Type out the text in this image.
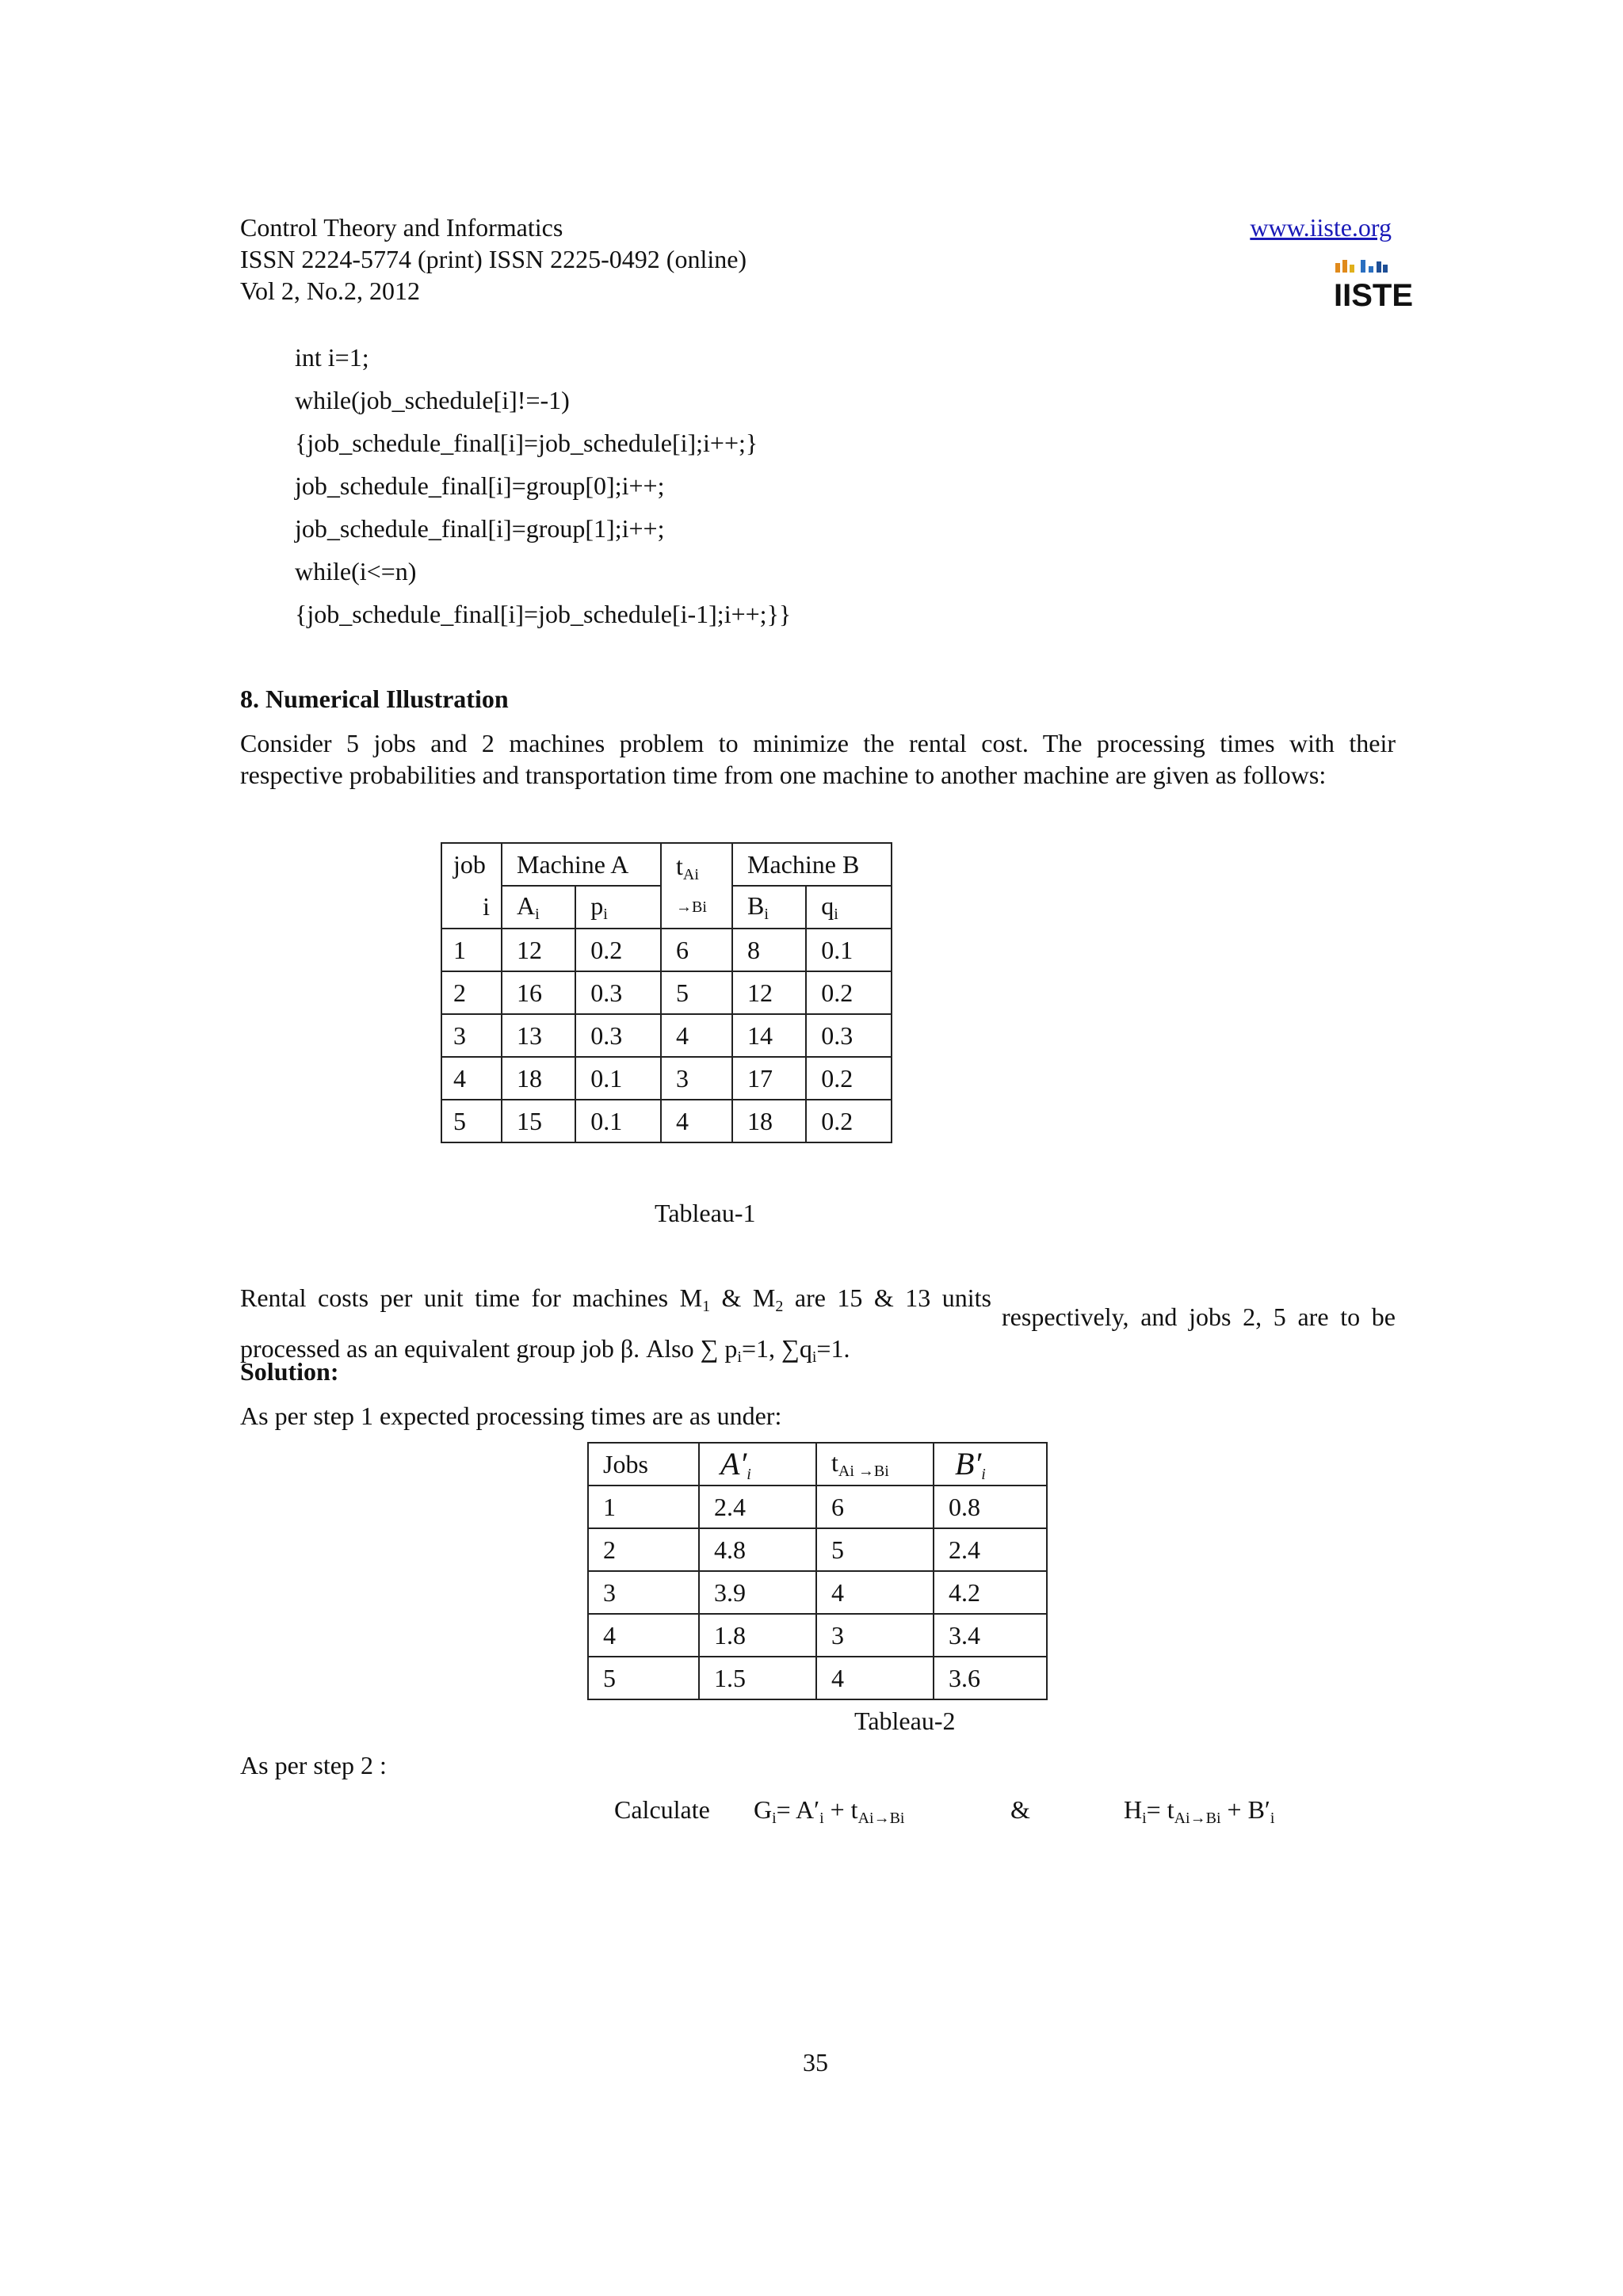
Control Theory and Informatics
ISSN 2224-5774 (print) ISSN 2225-0492 (online)
Vol 2, No.2, 2012
www.iiste.org
IISTE
int i=1;
while(job_schedule[i]!=-1)
{job_schedule_final[i]=job_schedule[i];i++;}
job_schedule_final[i]=group[0];i++;
job_schedule_final[i]=group[1];i++;
while(i<=n)
{job_schedule_final[i]=job_schedule[i-1];i++;}}
8. Numerical Illustration
Consider 5 jobs and 2 machines problem to minimize the rental cost. The processing times with their
respective probabilities and transportation time from one machine to another machine are given as follows:
job	Machine A		$t_{Ai \to Bi}$	Machine B	
i	$A_i$	$p_i$		$B_i$	$q_i$
1	12	0.2	6	8	0.1
2	16	0.3	5	12	0.2
3	13	0.3	4	14	0.3
4	18	0.1	3	17	0.2
5	15	0.1	4	18	0.2
Tableau-1
Rental costs per unit time for machines $M_1$ & $M_2$ are 15 & 13 units
respectively, and jobs 2, 5 are to be
processed as an equivalent group job β. Also ∑ $p_i=1$, $\sum q_i=1$.
Solution:
As per step 1 expected processing times are as under:
Jobs	$A'_i$	$t_{Ai \to Bi}$	$B'_i$
1	2.4	6	0.8
2	4.8	5	2.4
3	3.9	4	4.2
4	1.8	3	3.4
5	1.5	4	3.6
Tableau-2
As per step 2 :
Calculate $G_i= A'_i + t_{Ai\to Bi}$	&	$H_i= t_{Ai\to Bi} + B'_i$
35
